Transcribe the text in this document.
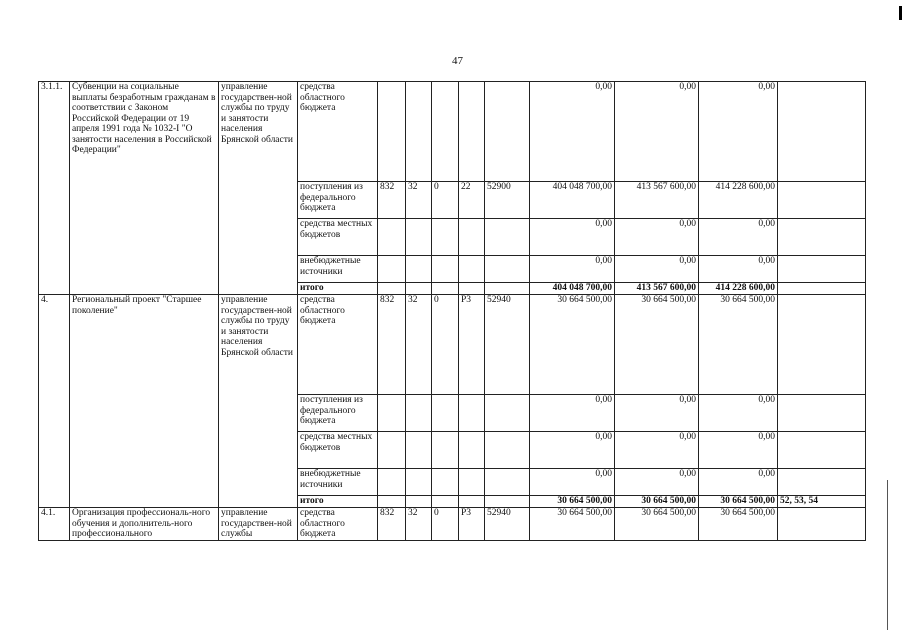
47
3.1.1.	Субвенции на социальные выплаты безработным гражданам в соответствии с Законом Российской Федерации от 19 апреля 1991 года № 1032-I "О занятости населения в Российской Федерации"	управление государствен-ной службы по труду и занятости населения Брянской области	средства областного бюджета						0,00	0,00	0,00	
			поступления из федерального бюджета	832	32	0	22	52900	404 048 700,00	413 567 600,00	414 228 600,00	
			средства местных бюджетов						0,00	0,00	0,00	
			внебюджетные источники						0,00	0,00	0,00	
			итого						404 048 700,00	413 567 600,00	414 228 600,00	
4.	Региональный проект "Старшее поколение"	управление государствен-ной службы по труду и занятости населения Брянской области	средства областного бюджета	832	32	0	P3	52940	30 664 500,00	30 664 500,00	30 664 500,00	
			поступления из федерального бюджета						0,00	0,00	0,00	
			средства местных бюджетов						0,00	0,00	0,00	
			внебюджетные источники						0,00	0,00	0,00	
			итого						30 664 500,00	30 664 500,00	30 664 500,00	52, 53, 54
4.1.	Организация профессиональ-ного обучения и дополнитель-ного профессионального	управление государствен-ной службы	средства областного бюджета	832	32	0	P3	52940	30 664 500,00	30 664 500,00	30 664 500,00	
